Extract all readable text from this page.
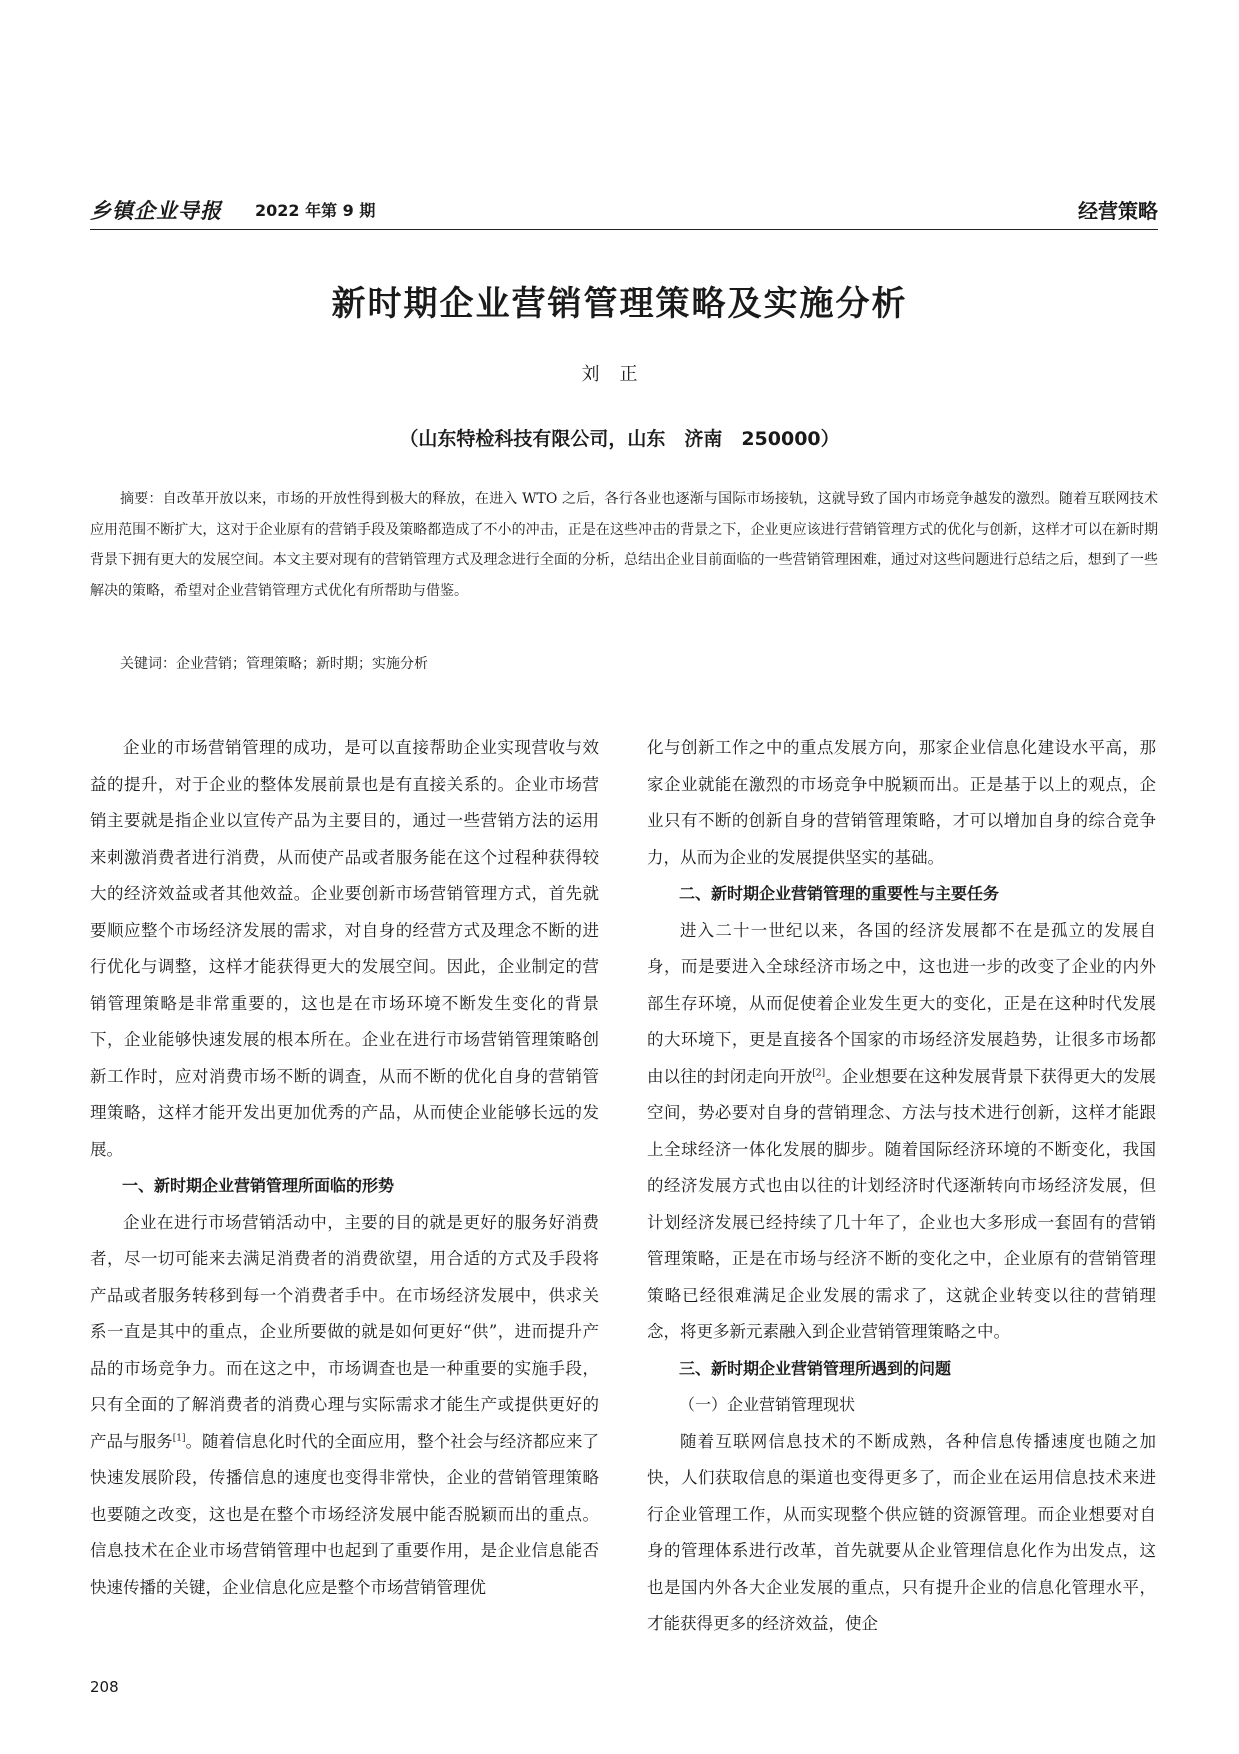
乡镇企业导报 2022 年第 9 期	经营策略
新时期企业营销管理策略及实施分析
刘正
（山东特检科技有限公司，山东　济南　250000）

摘要：自改革开放以来，市场的开放性得到极大的释放，在进入 WTO 之后，各行各业也逐渐与国际市场接轨，这就导致了国内市场竞争越发的激烈。随着互联网技术应用范围不断扩大，这对于企业原有的营销手段及策略都造成了不小的冲击，正是在这些冲击的背景之下，企业更应该进行营销管理方式的优化与创新，这样才可以在新时期背景下拥有更大的发展空间。本文主要对现有的营销管理方式及理念进行全面的分析，总结出企业目前面临的一些营销管理困难，通过对这些问题进行总结之后，想到了一些解决的策略，希望对企业营销管理方式优化有所帮助与借鉴。

关键词：企业营销；管理策略；新时期；实施分析

企业的市场营销管理的成功，是可以直接帮助企业实现营收与效益的提升，对于企业的整体发展前景也是有直接关系的。企业市场营销主要就是指企业以宣传产品为主要目的，通过一些营销方法的运用来刺激消费者进行消费，从而使产品或者服务能在这个过程种获得较大的经济效益或者其他效益。企业要创新市场营销管理方式，首先就要顺应整个市场经济发展的需求，对自身的经营方式及理念不断的进行优化与调整，这样才能获得更大的发展空间。因此，企业制定的营销管理策略是非常重要的，这也是在市场环境不断发生变化的背景下，企业能够快速发展的根本所在。企业在进行市场营销管理策略创新工作时，应对消费市场不断的调查，从而不断的优化自身的营销管理策略，这样才能开发出更加优秀的产品，从而使企业能够长远的发展。

一、新时期企业营销管理所面临的形势

企业在进行市场营销活动中，主要的目的就是更好的服务好消费者，尽一切可能来去满足消费者的消费欲望，用合适的方式及手段将产品或者服务转移到每一个消费者手中。在市场经济发展中，供求关系一直是其中的重点，企业所要做的就是如何更好“供”，进而提升产品的市场竞争力。而在这之中，市场调查也是一种重要的实施手段，只有全面的了解消费者的消费心理与实际需求才能生产或提供更好的产品与服务[1]。随着信息化时代的全面应用，整个社会与经济都应来了快速发展阶段，传播信息的速度也变得非常快，企业的营销管理策略也要随之改变，这也是在整个市场经济发展中能否脱颖而出的重点。信息技术在企业市场营销管理中也起到了重要作用，是企业信息能否快速传播的关键，企业信息化应是整个市场营销管理优

化与创新工作之中的重点发展方向，那家企业信息化建设水平高，那家企业就能在激烈的市场竞争中脱颖而出。正是基于以上的观点，企业只有不断的创新自身的营销管理策略，才可以增加自身的综合竞争力，从而为企业的发展提供坚实的基础。

二、新时期企业营销管理的重要性与主要任务

进入二十一世纪以来，各国的经济发展都不在是孤立的发展自身，而是要进入全球经济市场之中，这也进一步的改变了企业的内外部生存环境，从而促使着企业发生更大的变化，正是在这种时代发展的大环境下，更是直接各个国家的市场经济发展趋势，让很多市场都由以往的封闭走向开放[2]。企业想要在这种发展背景下获得更大的发展空间，势必要对自身的营销理念、方法与技术进行创新，这样才能跟上全球经济一体化发展的脚步。随着国际经济环境的不断变化，我国的经济发展方式也由以往的计划经济时代逐渐转向市场经济发展，但计划经济发展已经持续了几十年了，企业也大多形成一套固有的营销管理策略，正是在市场与经济不断的变化之中，企业原有的营销管理策略已经很难满足企业发展的需求了，这就企业转变以往的营销理念，将更多新元素融入到企业营销管理策略之中。

三、新时期企业营销管理所遇到的问题
（一）企业营销管理现状

随着互联网信息技术的不断成熟，各种信息传播速度也随之加快，人们获取信息的渠道也变得更多了，而企业在运用信息技术来进行企业管理工作，从而实现整个供应链的资源管理。而企业想要对自身的管理体系进行改革，首先就要从企业管理信息化作为出发点，这也是国内外各大企业发展的重点，只有提升企业的信息化管理水平，才能获得更多的经济效益，使企

208
